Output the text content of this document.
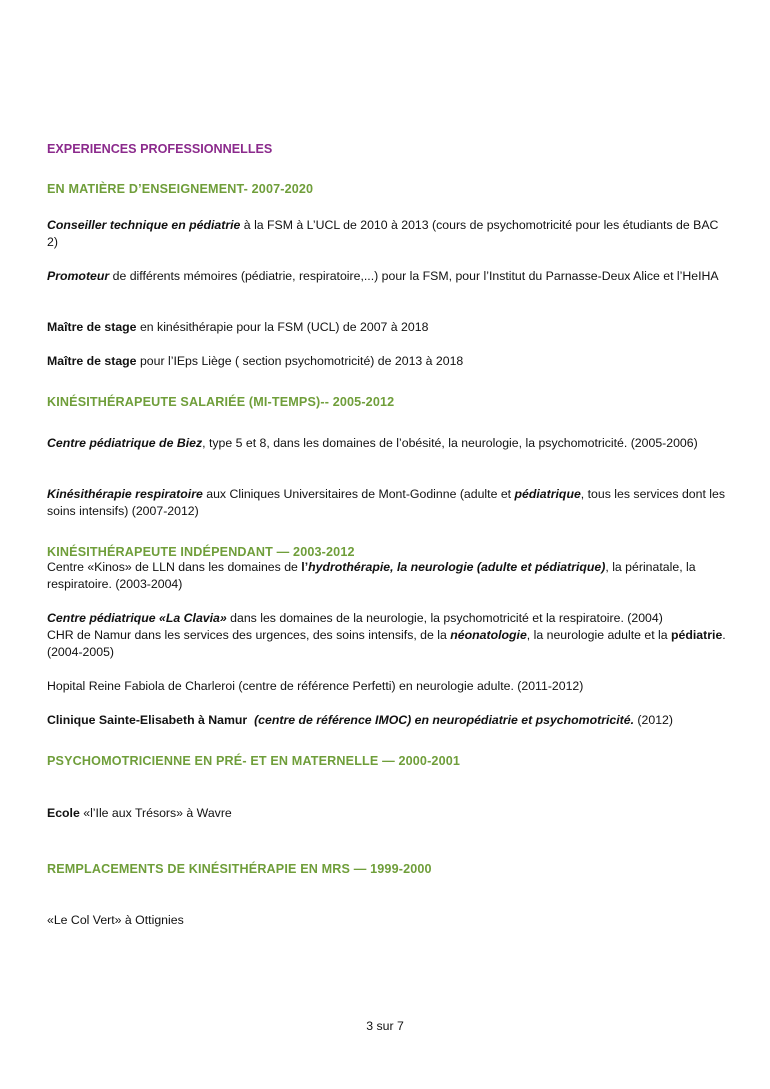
EXPERIENCES PROFESSIONNELLES
EN MATIÈRE D’ENSEIGNEMENT- 2007-2020

Conseiller technique en pédiatrie à la FSM à L’UCL de 2010 à 2013 (cours de psychomotricité pour les étudiants de BAC 2)

Promoteur de différents mémoires (pédiatrie, respiratoire,...) pour la FSM, pour l’Institut du Parnasse-Deux Alice et l’HeIHA

Maître de stage en kinésithérapie pour la FSM (UCL) de 2007 à 2018

Maître de stage pour l’IEps Liège ( section psychomotricité) de 2013 à 2018

KINÉSITHÉRAPEUTE SALARIÉE (MI-TEMPS)-- 2005-2012

Centre pédiatrique de Biez, type 5 et 8, dans les domaines de l’obésité, la neurologie, la psychomotricité. (2005-2006)

Kinésithérapie respiratoire aux Cliniques Universitaires de Mont-Godinne (adulte et pédiatrique, tous les services dont les soins intensifs) (2007-2012)

KINÉSITHÉRAPEUTE INDÉPENDANT — 2003-2012

Centre «Kinos» de LLN dans les domaines de l’hydrothérapie, la neurologie (adulte et pédiatrique), la périnatale, la respiratoire. (2003-2004)

Centre pédiatrique «La Clavia» dans les domaines de la neurologie, la psychomotricité et la respiratoire. (2004)

CHR de Namur dans les services des urgences, des soins intensifs, de la néonatologie, la neurologie adulte et la pédiatrie.(2004-2005)

Hopital Reine Fabiola de Charleroi (centre de référence Perfetti) en neurologie adulte. (2011-2012)

Clinique Sainte-Elisabeth à Namur (centre de référence IMOC) en neuropédiatrie et psychomotricité. (2012)

PSYCHOMOTRICIENNE EN PRÉ- ET EN MATERNELLE — 2000-2001

Ecole «l’Ile aux Trésors» à Wavre

REMPLACEMENTS DE KINÉSITHÉRAPIE EN MRS — 1999-2000

«Le Col Vert» à Ottignies

3 sur 7
